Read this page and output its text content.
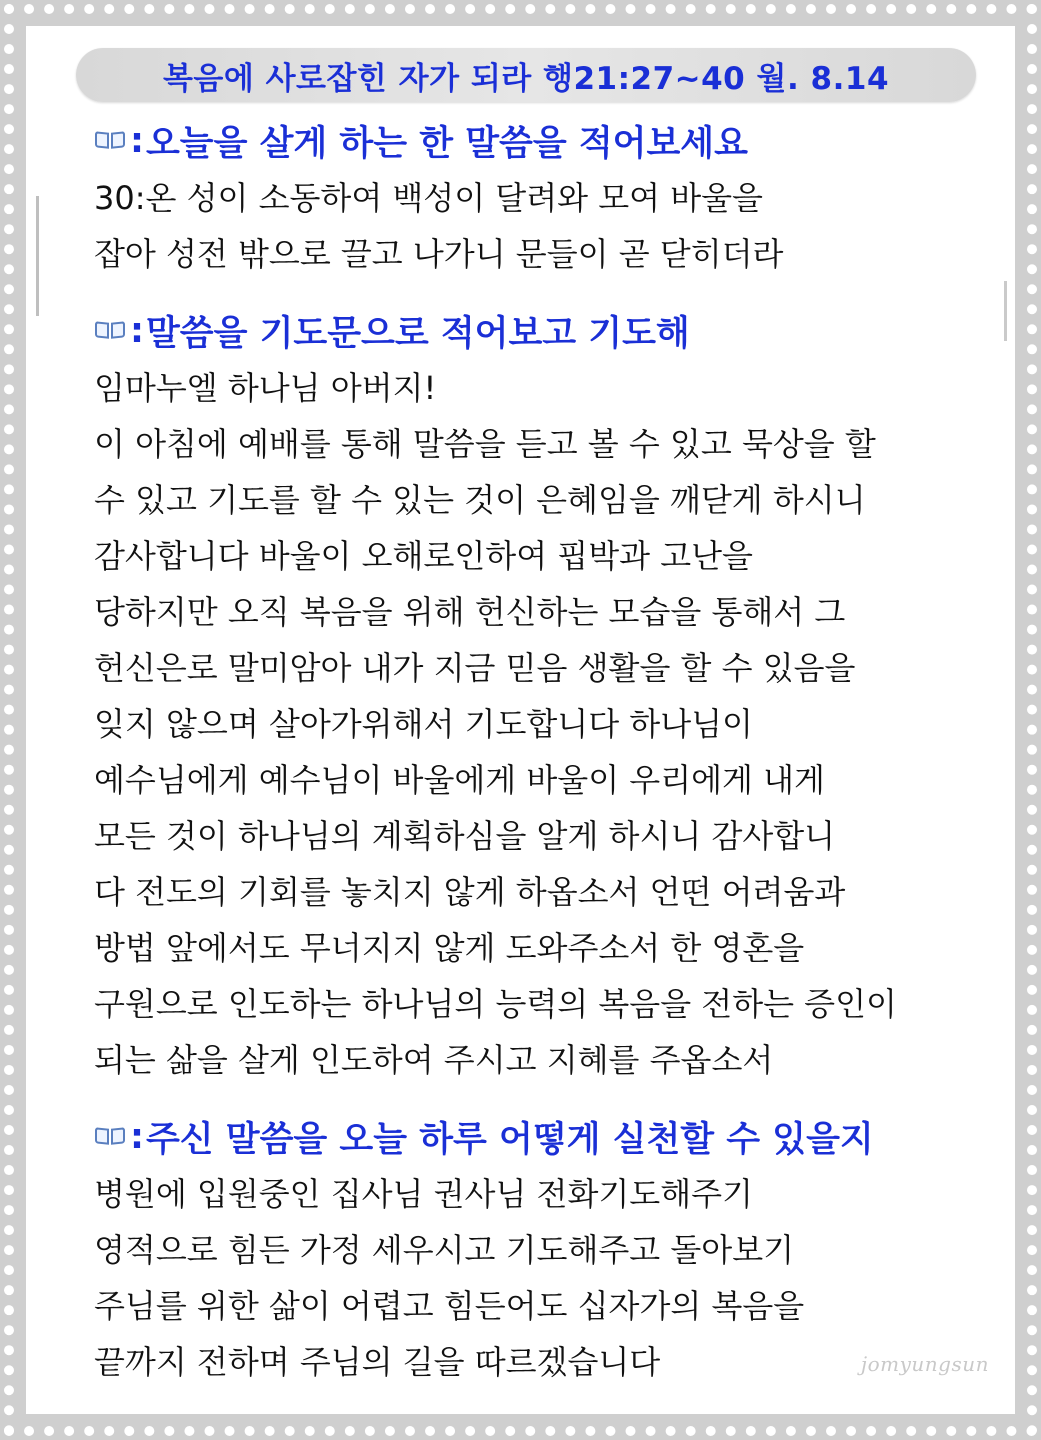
복음에 사로잡힌 자가 되라 행21:27~40 월. 8.14
: 오늘을 살게 하는 한 말씀을 적어보세요
30:온 성이 소동하여 백성이 달려와 모여 바울을
잡아 성전 밖으로 끌고 나가니 문들이 곧 닫히더라
: 말씀을 기도문으로 적어보고 기도해
임마누엘 하나님 아버지!
이 아침에 예배를 통해 말씀을 듣고 볼 수 있고 묵상을 할
수 있고 기도를 할 수 있는 것이 은혜임을 깨닫게 하시니
감사합니다 바울이 오해로인하여 핍박과 고난을
당하지만 오직 복음을 위해 헌신하는 모습을 통해서 그
헌신은로 말미암아 내가 지금 믿음 생활을 할 수 있음을
잊지 않으며 살아가위해서 기도합니다 하나님이
예수님에게 예수님이 바울에게 바울이 우리에게 내게
모든 것이 하나님의 계획하심을 알게 하시니 감사합니
다 전도의 기회를 놓치지 않게 하옵소서 언떤 어려움과
방법 앞에서도 무너지지 않게 도와주소서 한 영혼을
구원으로 인도하는 하나님의 능력의 복음을 전하는 증인이
되는 삶을 살게 인도하여 주시고 지혜를 주옵소서
: 주신 말씀을 오늘 하루 어떻게 실천할 수 있을지
병원에 입원중인 집사님 권사님 전화기도해주기
영적으로 힘든 가정 세우시고 기도해주고 돌아보기
주님를 위한 삶이 어렵고 힘든어도 십자가의 복음을
끝까지 전하며 주님의 길을 따르겠습니다	jomyungsun
